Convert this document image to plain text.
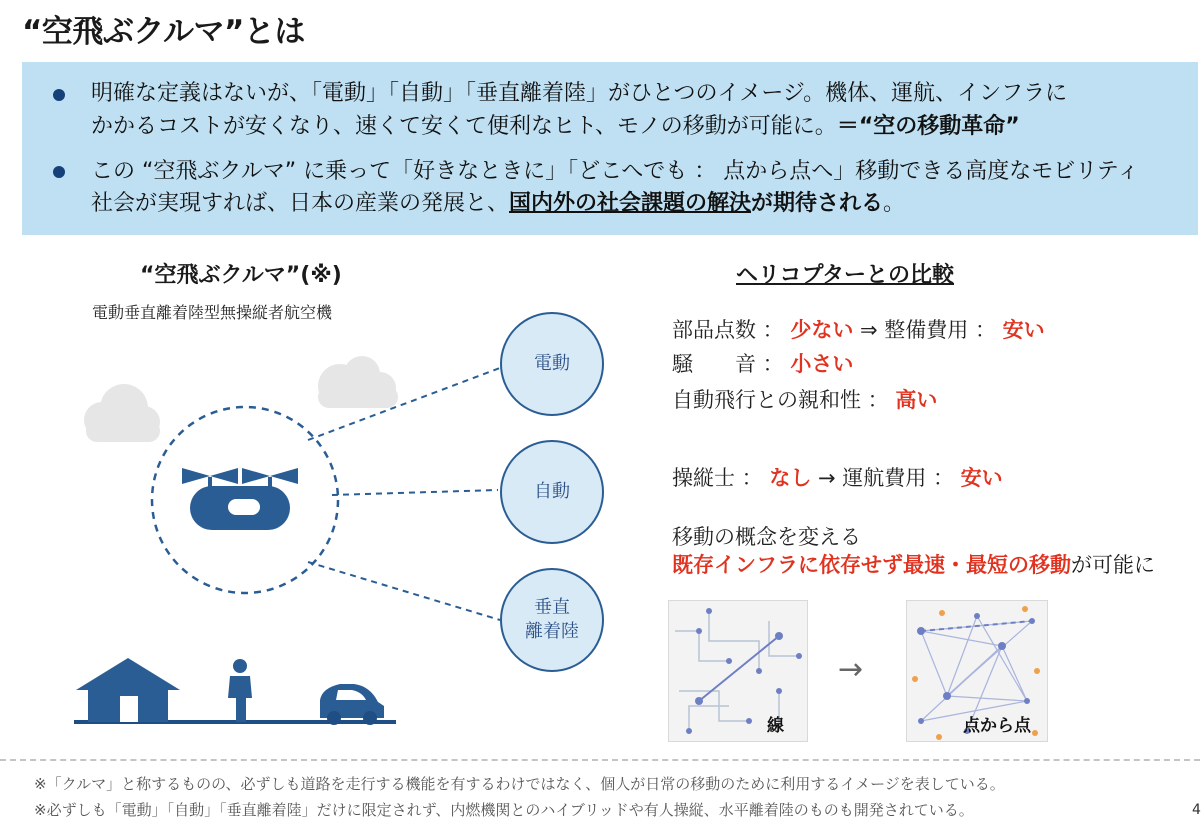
“空飛ぶクルマ”とは
明確な定義はないが、「電動」「自動」「垂直離着陸」がひとつのイメージ。機体、運航、インフラに
かかるコストが安くなり、速くて安くて便利なヒト、モノの移動が可能に。＝“空の移動革命”
この “空飛ぶクルマ” に乗って「好きなときに」「どこへでも ： 点から点へ」移動できる高度なモビリティ
社会が実現すれば、日本の産業の発展と、国内外の社会課題の解決が期待される。
“空飛ぶクルマ”(※)
電動垂直離着陸型無操縦者航空機
電動
自動
垂直
離着陸
ヘリコプターとの比較
部品点数 ： 少ない ⇒ 整備費用 ： 安い
騒　　音 ： 小さい
自動飛行との親和性 ： 高い
操縦士 ： なし → 運航費用 ： 安い
移動の概念を変える
既存インフラに依存せず最速・最短の移動が可能に
線
→
点から点
※「クルマ」と称するものの、必ずしも道路を走行する機能を有するわけではなく、個人が日常の移動のために利用するイメージを表している。
※必ずしも「電動」「自動」「垂直離着陸」だけに限定されず、内燃機関とのハイブリッドや有人操縦、水平離着陸のものも開発されている。	4
